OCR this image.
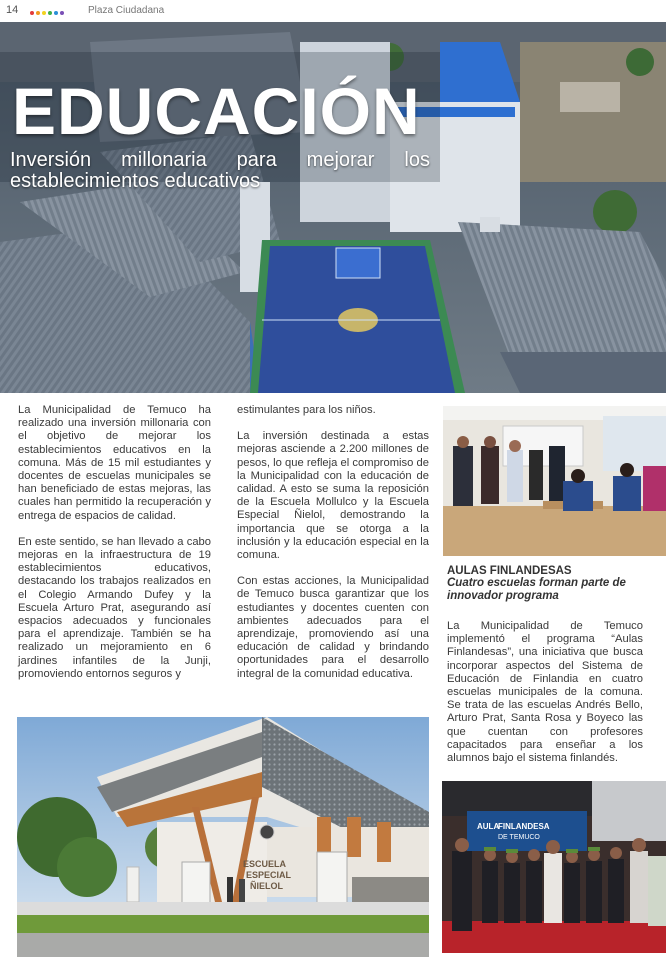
14	Plaza Ciudadana
EDUCACIÓN
Inversión millonaria para mejorar los establecimientos educativos

La Municipalidad de Temuco ha realizado una inversión millonaria con el objetivo de mejorar los establecimientos educativos en la comuna. Más de 15 mil estudiantes y docentes de escuelas municipales se han beneficiado de estas mejoras, las cuales han permitido la recuperación y entrega de espacios de calidad.

En este sentido, se han llevado a cabo mejoras en la infraestructura de 19 establecimientos educativos, destacando los trabajos realizados en el Colegio Armando Dufey y la Escuela Arturo Prat, asegurando así espacios adecuados y funcionales para el aprendizaje. También se ha realizado un mejoramiento en 6 jardines infantiles de la Junji, promoviendo entornos seguros y

estimulantes para los niños.

La inversión destinada a estas mejoras asciende a 2.200 millones de pesos, lo que refleja el compromiso de la Municipalidad con la educación de calidad. A esto se suma la reposición de la Escuela Mollulco y la Escuela Especial Ñielol, demostrando la importancia que se otorga a la inclusión y la educación especial en la comuna.

Con estas acciones, la Municipalidad de Temuco busca garantizar que los estudiantes y docentes cuenten con ambientes adecuados para el aprendizaje, promoviendo así una educación de calidad y brindando oportunidades para el desarrollo integral de la comunidad educativa.

AULAS FINLANDESAS
Cuatro escuelas forman parte de innovador programa

La Municipalidad de Temuco implementó el programa “Aulas Finlandesas”, una iniciativa que busca incorporar aspectos del Sistema de Educación de Finlandia en cuatro escuelas municipales de la comuna. Se trata de las escuelas Andrés Bello, Arturo Prat, Santa Rosa y Boyeco las que cuentan con profesores capacitados para enseñar a los alumnos bajo el sistema finlandés.

ESCUELA
ESPECIAL
ÑIELOL
AULA
FINLANDESA
DE TEMUCO
